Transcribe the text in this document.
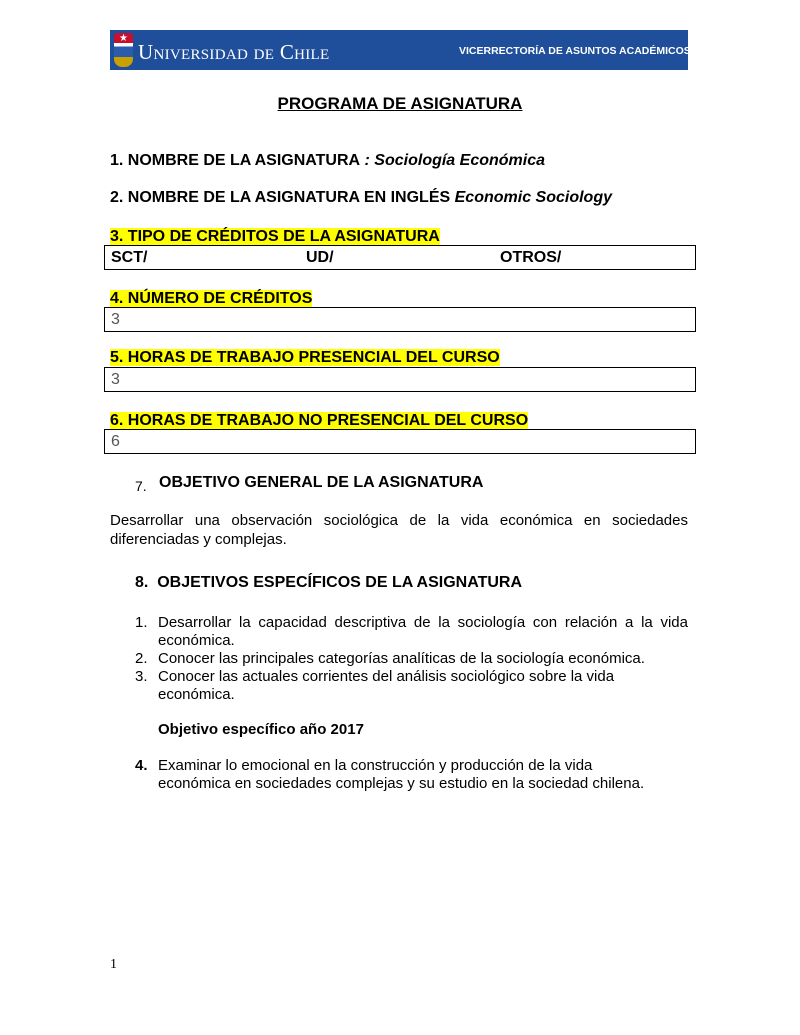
★
Universidad de Chile	VICERRECTORÍA DE ASUNTOS ACADÉMICOS
PROGRAMA DE ASIGNATURA
1. NOMBRE DE LA ASIGNATURA : Sociología Económica
2. NOMBRE DE LA ASIGNATURA EN INGLÉS Economic Sociology
3. TIPO DE CRÉDITOS DE LA ASIGNATURA
SCT/	UD/	OTROS/
4. NÚMERO DE CRÉDITOS
3
5. HORAS DE TRABAJO PRESENCIAL DEL CURSO
3
6. HORAS DE TRABAJO NO PRESENCIAL DEL CURSO
6
7. OBJETIVO GENERAL DE LA ASIGNATURA
Desarrollar una observación sociológica de la vida económica en sociedades
diferenciadas y complejas.
8.  OBJETIVOS ESPECÍFICOS DE LA ASIGNATURA
1. Desarrollar la capacidad descriptiva de la sociología con relación a la vida
económica.
2. Conocer las principales categorías analíticas de la sociología económica.
3. Conocer las actuales corrientes del análisis sociológico sobre la vida
económica.
Objetivo específico año 2017
4. Examinar lo emocional en la construcción y producción de la vida
económica en sociedades complejas y su estudio en la sociedad chilena.
1
